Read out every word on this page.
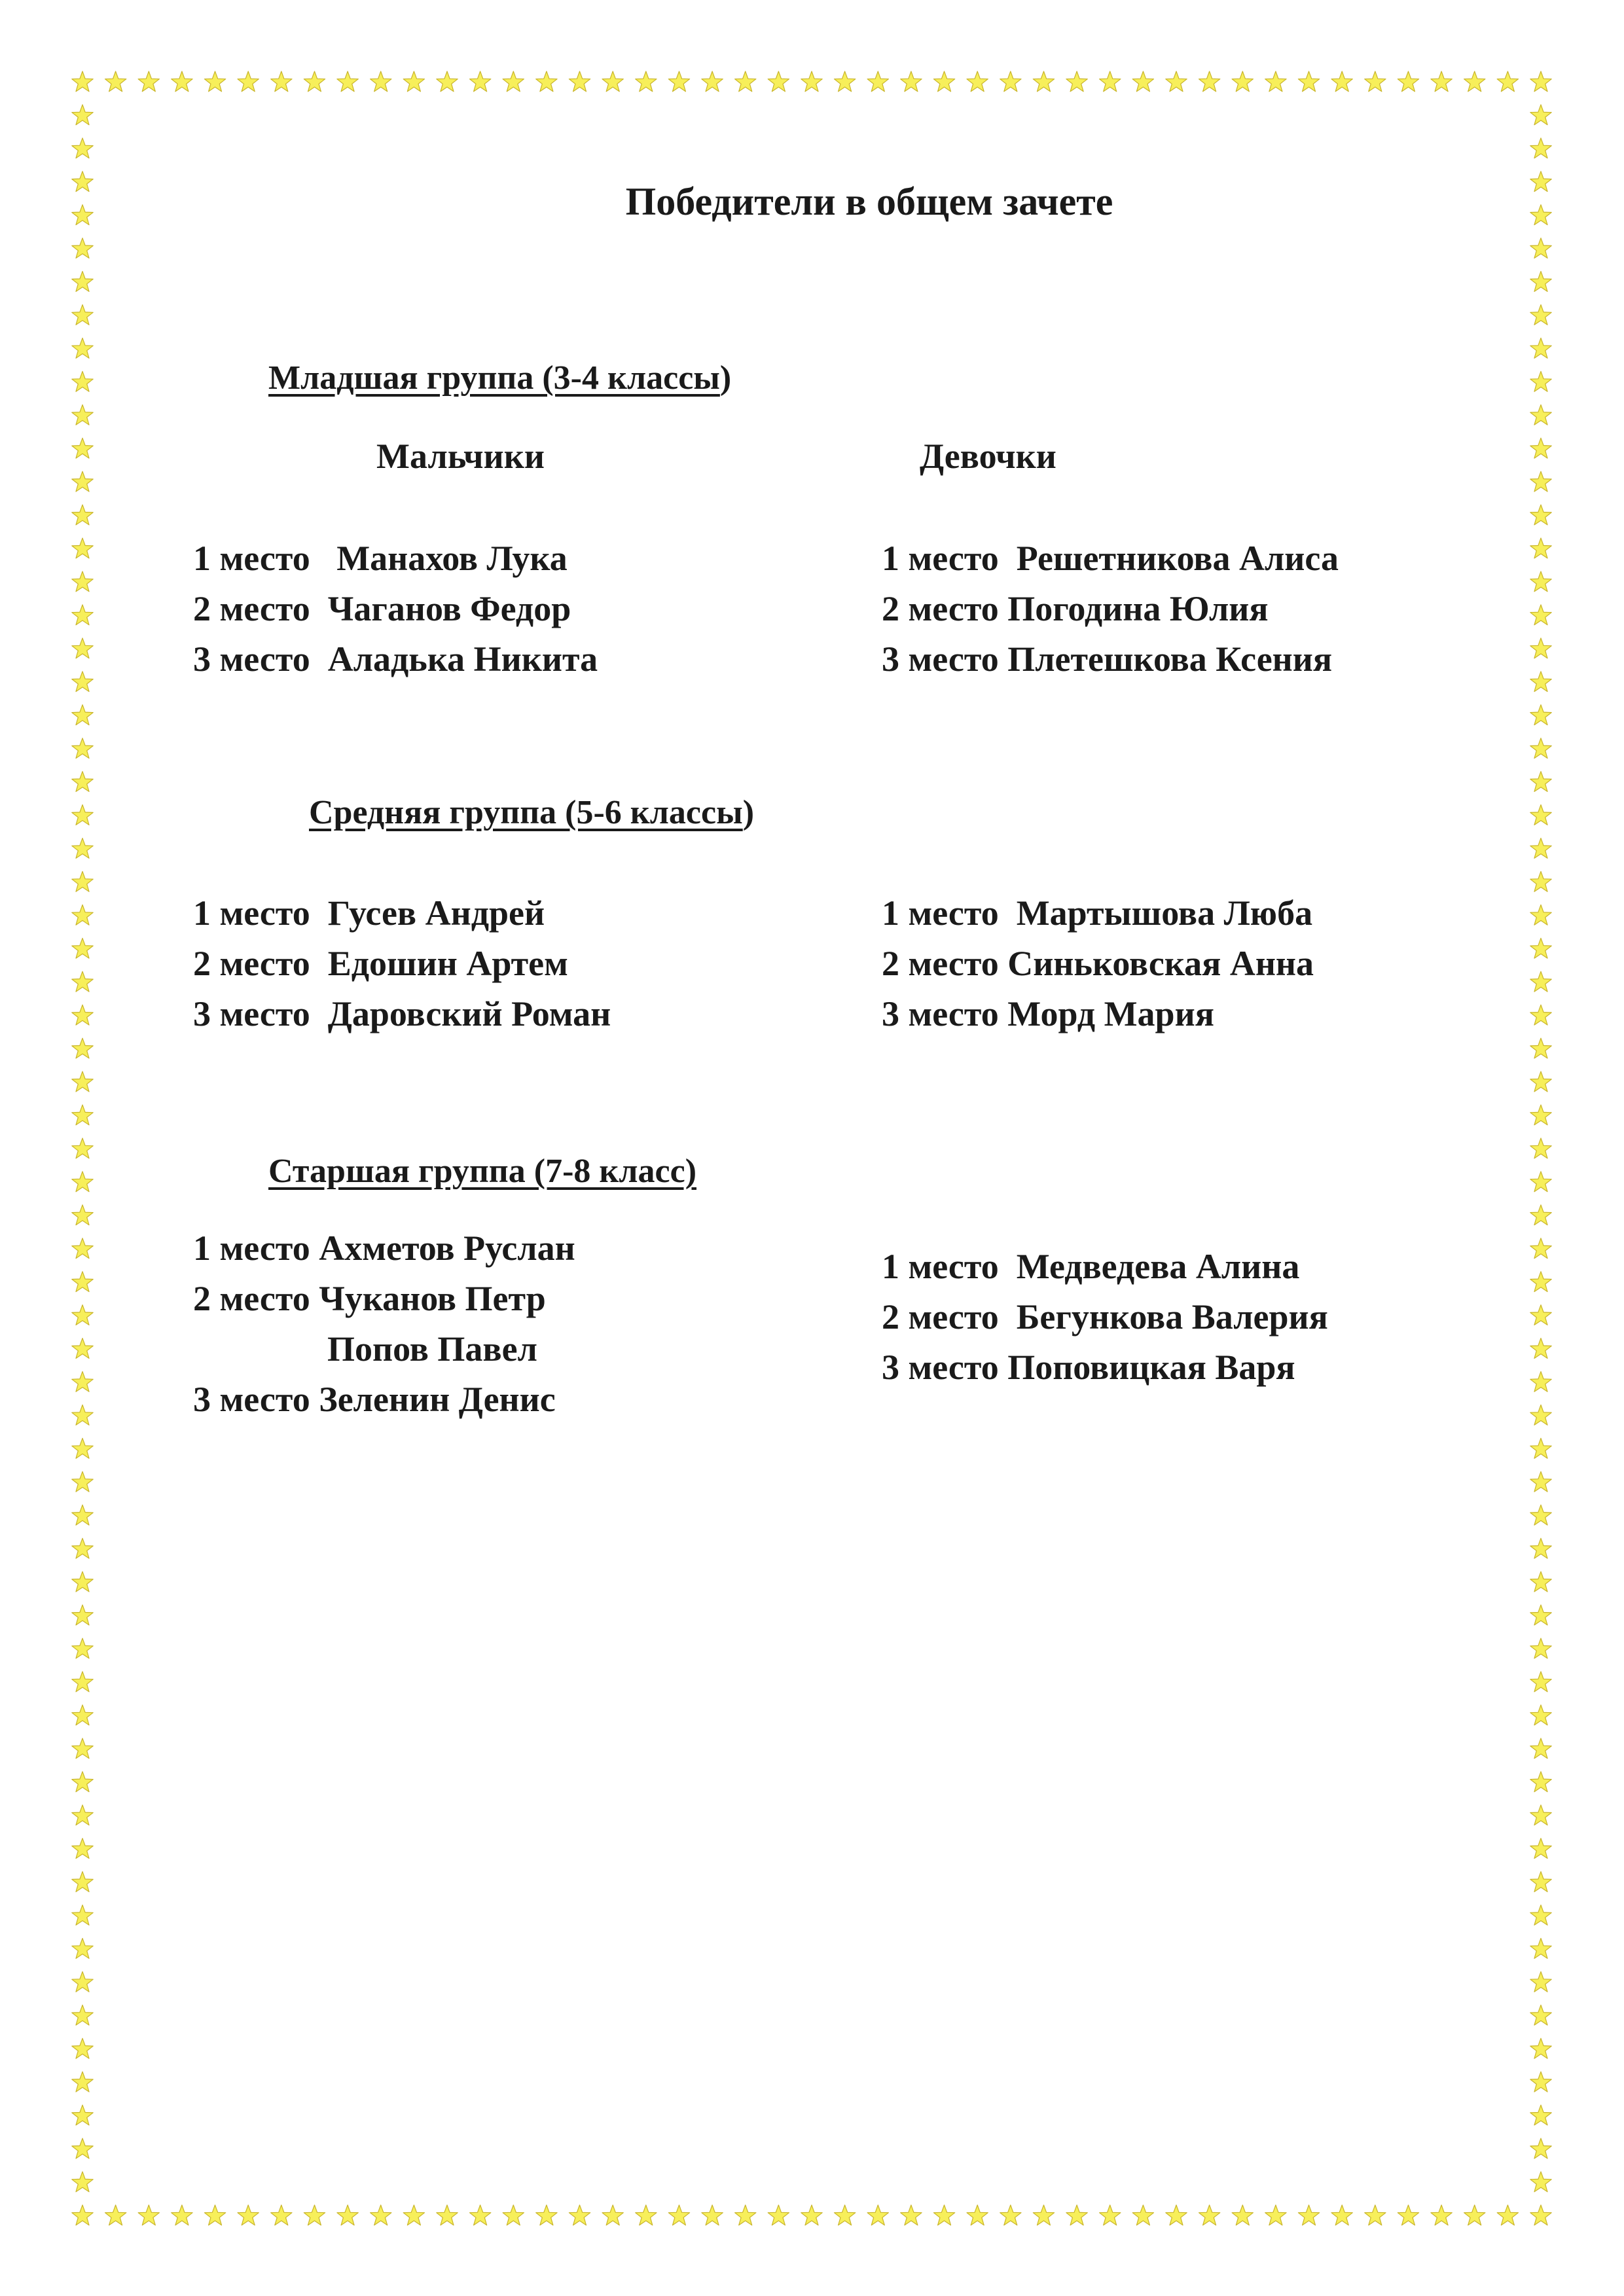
Победители в общем зачете
Младшая группа (3-4 классы)
Мальчики	Девочки
1 место   Манахов Лука
2 место  Чаганов Федор
3 место  Аладька Никита
1 место  Решетникова Алиса
2 место Погодина Юлия
3 место Плетешкова Ксения
Средняя группа (5-6 классы)
1 место  Гусев Андрей
2 место  Едошин Артем
3 место  Даровский Роман
1 место  Мартышова Люба
2 место Синьковская Анна
3 место Морд Мария
Старшая группа (7-8 класс)
1 место Ахметов Руслан
2 место Чуканов Петр
Попов Павел
3 место Зеленин Денис
1 место  Медведева Алина
2 место  Бегункова Валерия
3 место Поповицкая Варя
